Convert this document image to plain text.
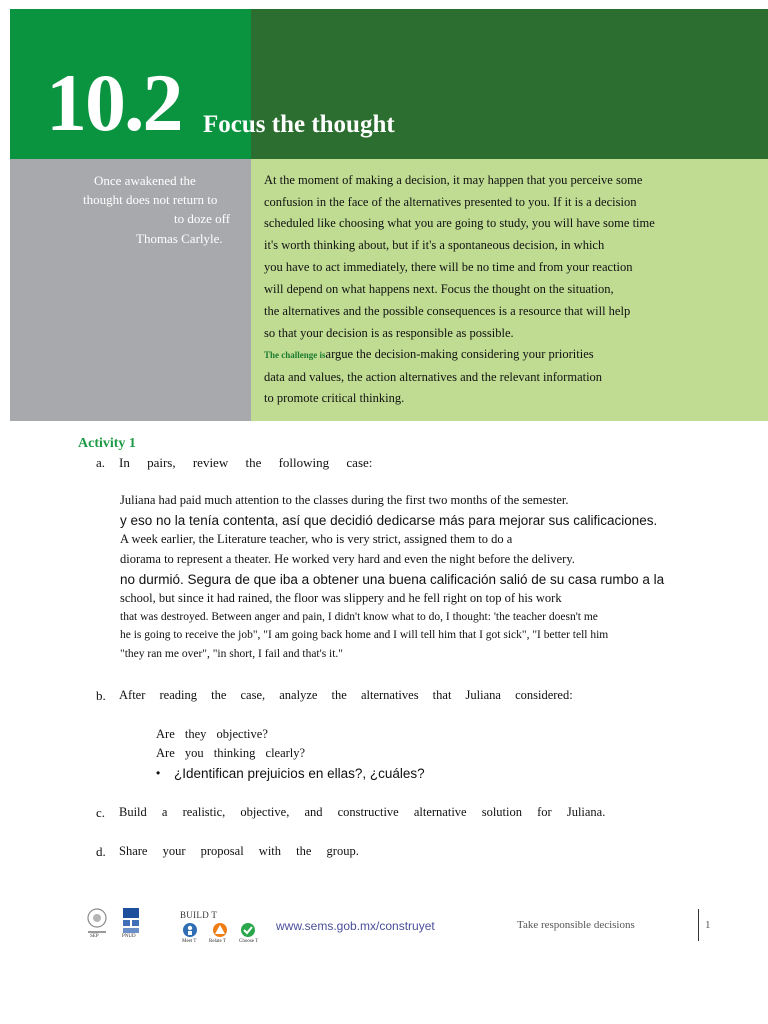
10.2 Focus the thought
Once awakened the
thought does not return to
to doze off
Thomas Carlyle.
At the moment of making a decision, it may happen that you perceive some
confusion in the face of the alternatives presented to you. If it is a decision
scheduled like choosing what you are going to study, you will have some time
it's worth thinking about, but if it's a spontaneous decision, in which
you have to act immediately, there will be no time and from your reaction
will depend on what happens next. Focus the thought on the situation,
the alternatives and the possible consequences is a resource that will help
so that your decision is as responsible as possible.
The challenge isargue the decision-making considering your priorities
data and values, the action alternatives and the relevant information
to promote critical thinking.
Activity 1
a. In pairs, review the following case:
Juliana had paid much attention to the classes during the first two months of the semester.
y eso no la tenía contenta, así que decidió dedicarse más para mejorar sus calificaciones.
A week earlier, the Literature teacher, who is very strict, assigned them to do a
diorama to represent a theater. He worked very hard and even the night before the delivery.
no durmió. Segura de que iba a obtener una buena calificación salió de su casa rumbo a la
school, but since it had rained, the floor was slippery and he fell right on top of his work
that was destroyed. Between anger and pain, I didn't know what to do, I thought: 'the teacher doesn't me
he is going to receive the job", "I am going back home and I will tell him that I got sick", "I better tell him
"they ran me over", "in short, I fail and that's it."
b. After reading the case, analyze the alternatives that Juliana considered:
Are they objective?
Are you thinking clearly?
• ¿Identifican prejuicios en ellas?, ¿cuáles?
c. Build a realistic, objective, and constructive alternative solution for Juliana.
d. Share your proposal with the group.
SEP	PNUD
BUILD T
Meet T	Relate T	Choose T
www.sems.gob.mx/construyet	Take responsible decisions	1
